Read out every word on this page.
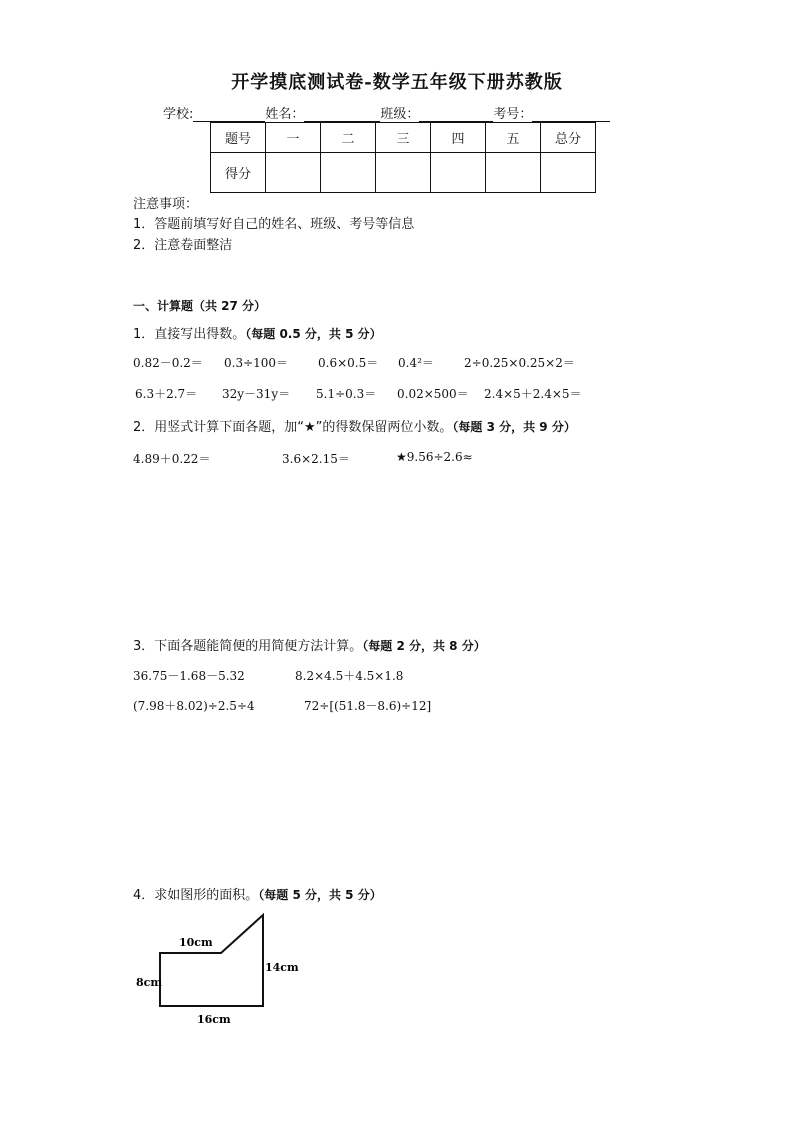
开学摸底测试卷-数学五年级下册苏教版
学校:	姓名：	班级：	考号：
题号	一	二	三	四	五	总分
得分						
注意事项：
1．答题前填写好自己的姓名、班级、考号等信息
2．注意卷面整洁
一、计算题（共 27 分）
1．直接写出得数。（每题 0.5 分，共 5 分）
0.82－0.2＝ 0.3÷100＝ 0.6×0.5＝ 0.4²＝	2÷0.25×0.25×2＝
6.3＋2.7＝ 32y－31y＝ 5.1÷0.3＝ 0.02×500＝ 2.4×5＋2.4×5＝
2．用竖式计算下面各题，加“★”的得数保留两位小数。（每题 3 分，共 9 分）
4.89＋0.22＝	3.6×2.15＝	★9.56÷2.6≈
3．下面各题能简便的用简便方法计算。（每题 2 分，共 8 分）
36.75－1.68－5.32	8.2×4.5＋4.5×1.8
(7.98＋8.02)÷2.5÷4	72÷[(51.8－8.6)÷12]
4．求如图形的面积。（每题 5 分，共 5 分）
10cm
14cm
8cm
16cm
